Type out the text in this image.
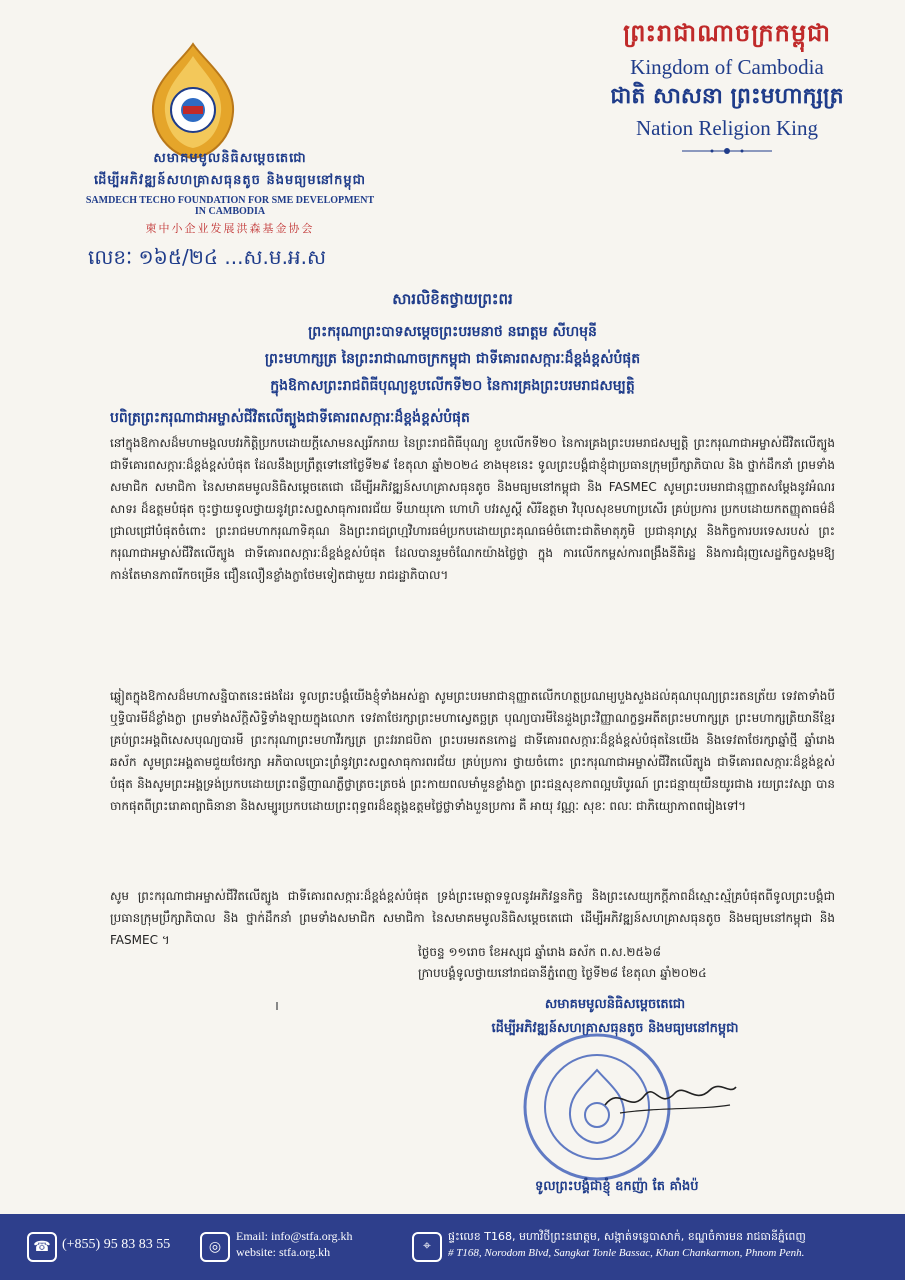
សមាគមមូលនិធិសម្តេចតេជោ
ដើម្បីអភិវឌ្ឍន៍សហគ្រាសធុនតូច និងមធ្យមនៅកម្ពុជា
SAMDECH TECHO FOUNDATION FOR SME DEVELOPMENT IN CAMBODIA
柬中小企业发展洪森基金协会
ព្រះរាជាណាចក្រកម្ពុជា
Kingdom of Cambodia
ជាតិ សាសនា ព្រះមហាក្សត្រ
Nation Religion King
លេខៈ ១៦៥/២៤ ...ស.ម.អ.ស
សារលិខិតថ្វាយព្រះពរ
ព្រះករុណាព្រះបាទសម្តេចព្រះបរមនាថ នរោត្តម សីហមុនី
ព្រះមហាក្សត្រ នៃព្រះរាជាណាចក្រកម្ពុជា ជាទីគោរពសក្ការៈដ៏ខ្ពង់ខ្ពស់បំផុត
ក្នុងឱកាសព្រះរាជពិធីបុណ្យខួបលើកទី២០ នៃការគ្រងព្រះបរមរាជសម្បត្តិ
បពិត្រព្រះករុណាជាអម្ចាស់ជីវិតលើត្បូងជាទីគោរពសក្ការៈដ៏ខ្ពង់ខ្ពស់បំផុត
នៅក្នុងឱកាសដ៏មហាមង្គលបវរកិត្តិប្រកបដោយក្តីសោមនស្សរីករាយ នៃព្រះរាជពិធីបុណ្យ ខួបលើកទី២០ នៃការគ្រងព្រះបរមរាជសម្បត្តិ ព្រះករុណាជាអម្ចាស់ជីវិតលើត្បូង ជាទីគោរពសក្ការៈដ៏ខ្ពង់ខ្ពស់បំផុត ដែលនឹងប្រព្រឹត្តទៅនៅថ្ងៃទី២៩ ខែតុលា ឆ្នាំ២០២៤ ខាងមុខនេះ ទូលព្រះបង្គំជាខ្ញុំជាប្រធានក្រុមប្រឹក្សាភិបាល និង ថ្នាក់ដឹកនាំ ព្រមទាំងសមាជិក សមាជិកា នៃសមាគមមូលនិធិសម្តេចតេជោ ដើម្បីអភិវឌ្ឍន៍សហគ្រាសធុនតូច និងមធ្យមនៅកម្ពុជា និង FASMEC សូមព្រះបរមរាជានុញ្ញាតសម្តែងនូវអំណរសាទរ ដ៏ឧត្តមបំផុត ចុះថ្វាយទូលថ្វាយនូវព្រះសព្ទសាធុការពរជ័យ ទីឃាយុកោ ហោហិ បវរសួស្តី សិរីឧត្តមា វិបុលសុខមហាប្រសើរ គ្រប់ប្រការ ប្រកបដោយកតញ្ញុតាធម៌ដ៏ជ្រាលជ្រៅបំផុតចំពោះ ព្រះរាជមហាករុណាទិគុណ និងព្រះរាជព្រហ្មវិហារធម៌ប្រកបដោយព្រះគុណធម៌ចំពោះជាតិមាតុភូមិ ប្រជានុរាស្ត្រ និងកិច្ចការបរទេសរបស់ ព្រះករុណាជាអម្ចាស់ជីវិតលើត្បូង ជាទីគោរពសក្ការៈដ៏ខ្ពង់ខ្ពស់បំផុត ដែលបានរួមចំណែកយ៉ាងថ្លៃថ្លា ក្នុង ការលើកកម្ពស់ការពង្រឹងនីតិរដ្ឋ និងការជំរុញសេដ្ឋកិច្ចសង្គមឱ្យកាន់តែមានភាពរីកចម្រើន ជឿនលឿនខ្លាំងក្លាថែមទៀតជាមួយ រាជរដ្ឋាភិបាល។
ឆ្លៀតក្នុងឱកាសដ៏មហាសន្និបាតនេះផងដែរ ទូលព្រះបង្គំយើងខ្ញុំទាំងអស់គ្នា សូមព្រះបរមរាជានុញ្ញាតលើកហត្ថប្រណម្យបួងសួងដល់គុណបុណ្យព្រះរតនត្រ័យ ទេវតាទាំងបី ឬទ្ធិបារមីដ៏ខ្លាំងក្លា ព្រមទាំងស័ក្តិសិទ្ធិទាំងឡាយក្នុងលោក ទេវតាថែរក្សាព្រះមហាស្វេតច្ឆត្រ បុណ្យបារមីនៃដួងព្រះវិញ្ញាណក្ខន្ធអតីតព្រះមហាក្សត្រ ព្រះមហាក្សត្រិយានីខ្មែរគ្រប់ព្រះអង្គពិសេសបុណ្យបារមី ព្រះករុណាព្រះមហាវីរក្សត្រ ព្រះវររាជបិតា ព្រះបរមរតនកោដ្ឋ ជាទីគោរពសក្ការៈដ៏ខ្ពង់ខ្ពស់បំផុតនៃយើង និងទេវតាថែរក្សាឆ្នាំថ្មី ឆ្នាំរោង ឆស័ក សូមព្រះអង្គតាមជួយថែរក្សា អភិបាលប្រោះព្រំនូវព្រះសព្ទសាធុការពរជ័យ គ្រប់ប្រការ ថ្វាយចំពោះ ព្រះករុណាជាអម្ចាស់ជីវិតលើត្បូង ជាទីគោរពសក្ការៈដ៏ខ្ពង់ខ្ពស់បំផុត និងសូមព្រះអង្គទ្រង់ប្រកបដោយព្រះពន្លឺញាណភ្លឺថ្លាត្រចះត្រចង់ ព្រះកាយពលមាំមួនខ្លាំងក្លា ព្រះជន្មសុខភាពល្អបរិបូរណ៍ ព្រះជន្មាយុយឺនយូរជាង រយព្រះវស្សា បានចាកផុតពីព្រះរោគាព្យាធិនានា និងសម្បូរប្រកបដោយព្រះពុទ្ធពរដ៏ឧត្តុង្គឧត្តមថ្លៃថ្លាទាំងបួនប្រការ គឺ អាយុ វណ្ណៈ សុខៈ ពលៈ ជាភិយ្យោភាពពរៀងទៅ។
សូម ព្រះករុណាជាអម្ចាស់ជីវិតលើត្បូង ជាទីគោរពសក្ការៈដ៏ខ្ពង់ខ្ពស់បំផុត ទ្រង់ព្រះមេត្តាទទួលនូវអភិវន្ទនកិច្ច និងព្រះសេយ្យកក្តីភាពដ៏ស្មោះស្ម័គ្របំផុតពីទូលព្រះបង្គំជាប្រធានក្រុមប្រឹក្សាភិបាល និង ថ្នាក់ដឹកនាំ ព្រមទាំងសមាជិក សមាជិកា នៃសមាគមមូលនិធិសម្តេចតេជោ ដើម្បីអភិវឌ្ឍន៍សហគ្រាសធុនតូច និងមធ្យមនៅកម្ពុជា និង FASMEC ។
ថ្ងៃចន្ទ ១១រោច ខែអស្សុជ ឆ្នាំរោង ឆស័ក ព.ស.២៥៦៨
ក្រាបបង្គំទូលថ្វាយនៅរាជធានីភ្នំពេញ ថ្ងៃទី២៨ ខែតុលា ឆ្នាំ២០២៤
សមាគមមូលនិធិសម្តេចតេជោ
ដើម្បីអភិវឌ្ឍន៍សហគ្រាសធុនតូច និងមធ្យមនៅកម្ពុជា
ទូលព្រះបង្គំជាខ្ញុំ ឧកញ៉ា តែ គាំងប៉
☎ (+855) 95 83 83 55	◎
Email: info@stfa.org.kh
website: stfa.org.kh	⌖
ផ្ទះលេខ T168, មហាវិថីព្រះនរោត្តម, សង្កាត់ទន្លេបាសាក់, ខណ្ឌចំការមន រាជធានីភ្នំពេញ
# T168, Norodom Blvd, Sangkat Tonle Bassac, Khan Chankarmon, Phnom Penh.
